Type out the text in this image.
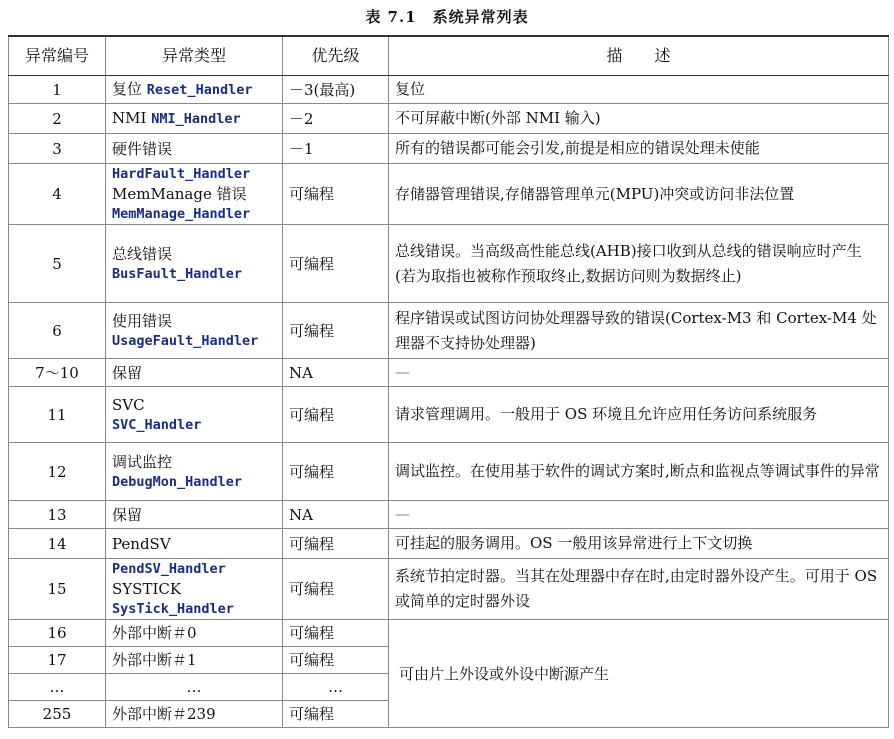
表 7.1　系统异常列表
异常编号	异常类型	优先级	描　　述
1	复位 Reset_Handler	－3(最高)	复位
2	NMI NMI_Handler	－2	不可屏蔽中断(外部 NMI 输入)
3	硬件错误	－1	所有的错误都可能会引发,前提是相应的错误处理未使能
4	HardFault_Handler
MemManage 错误
MemManage_Handler	可编程	存储器管理错误,存储器管理单元(MPU)冲突或访问非法位置
5	总线错误
BusFault_Handler	可编程	总线错误。当高级高性能总线(AHB)接口收到从总线的错误响应时产生(若为取指也被称作预取终止,数据访问则为数据终止)
6	使用错误
UsageFault_Handler	可编程	程序错误或试图访问协处理器导致的错误(Cortex-M3 和 Cortex-M4 处理器不支持协处理器)
7～10	保留	NA	—
11	SVC
SVC_Handler	可编程	请求管理调用。一般用于 OS 环境且允许应用任务访问系统服务
12	调试监控
DebugMon_Handler	可编程	调试监控。在使用基于软件的调试方案时,断点和监视点等调试事件的异常
13	保留	NA	—
14	PendSV	可编程	可挂起的服务调用。OS 一般用该异常进行上下文切换
15	PendSV_Handler
SYSTICK
SysTick_Handler	可编程	系统节拍定时器。当其在处理器中存在时,由定时器外设产生。可用于 OS 或简单的定时器外设
16	外部中断＃0	可编程	可由片上外设或外设中断源产生
17	外部中断＃1	可编程	
…	…	…	
255	外部中断＃239	可编程	
